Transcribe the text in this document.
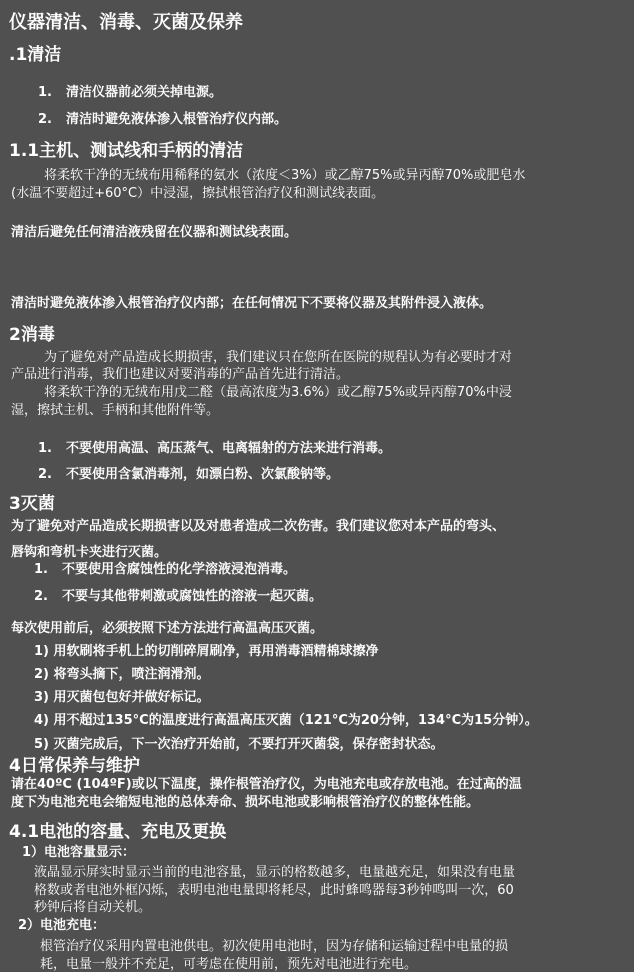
仪器清洁、消毒、灭菌及保养
.1清洁
1. 清洁仪器前必须关掉电源。
2. 清洁时避免液体渗入根管治疗仪内部。
1.1主机、测试线和手柄的清洁

将柔软干净的无绒布用稀释的氨水（浓度＜3%）或乙醇75%或异丙醇70%或肥皂水

(水温不要超过+60°C）中浸湿，擦拭根管治疗仪和测试线表面。

清洁后避免任何清洁液残留在仪器和测试线表面。

清洁时避免液体渗入根管治疗仪内部；在任何情况下不要将仪器及其附件浸入液体。

2消毒

为了避免对产品造成长期损害，我们建议只在您所在医院的规程认为有必要时才对

产品进行消毒，我们也建议对要消毒的产品首先进行清洁。

将柔软干净的无绒布用戊二醛（最高浓度为3.6%）或乙醇75%或异丙醇70%中浸

湿，擦拭主机、手柄和其他附件等。

1. 不要使用高温、高压蒸气、电离辐射的方法来进行消毒。
2. 不要使用含氯消毒剂，如漂白粉、次氯酸钠等。
3灭菌

为了避免对产品造成长期损害以及对患者造成二次伤害。我们建议您对本产品的弯头、

唇钩和弯机卡夹进行灭菌。

1. 不要使用含腐蚀性的化学溶液浸泡消毒。
2. 不要与其他带刺激或腐蚀性的溶液一起灭菌。

每次使用前后，必须按照下述方法进行高温高压灭菌。

1) 用软刷将手机上的切削碎屑刷净，再用消毒酒精棉球擦净

2) 将弯头摘下，喷注润滑剂。

3) 用灭菌包包好并做好标记。

4) 用不超过135°C的温度进行高温高压灭菌（121°C为20分钟，134°C为15分钟）。

5) 灭菌完成后，下一次治疗开始前，不要打开灭菌袋，保存密封状态。

4日常保养与维护

请在40ºC (104ºF)或以下温度，操作根管治疗仪，为电池充电或存放电池。在过高的温

度下为电池充电会缩短电池的总体寿命、损坏电池或影响根管治疗仪的整体性能。

4.1电池的容量、充电及更换

1）电池容量显示：

液晶显示屏实时显示当前的电池容量，显示的格数越多，电量越充足，如果没有电量

格数或者电池外框闪烁，表明电池电量即将耗尽，此时蜂鸣器每3秒钟鸣叫一次，60

秒钟后将自动关机。

2）电池充电：

根管治疗仪采用内置电池供电。初次使用电池时，因为存储和运输过程中电量的损

耗，电量一般并不充足，可考虑在使用前，预先对电池进行充电。
